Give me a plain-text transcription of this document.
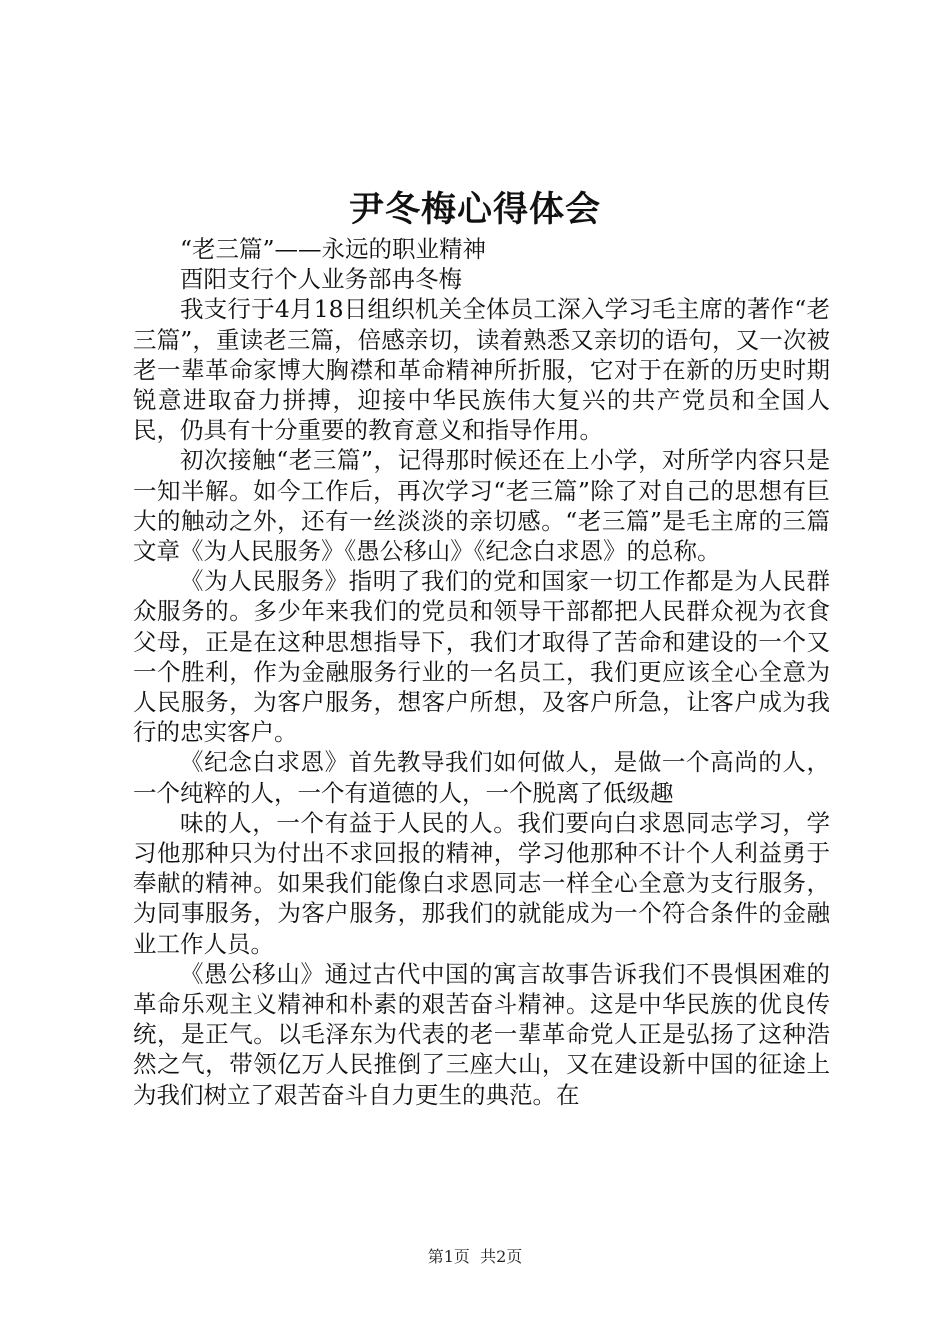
尹冬梅心得体会

“老三篇”——永远的职业精神

酉阳支行个人业务部冉冬梅

我支行于4月18日组织机关全体员工深入学习毛主席的著作“老三篇”，重读老三篇，倍感亲切，读着熟悉又亲切的语句，又一次被老一辈革命家博大胸襟和革命精神所折服，它对于在新的历史时期锐意进取奋力拼搏，迎接中华民族伟大复兴的共产党员和全国人民，仍具有十分重要的教育意义和指导作用。

初次接触“老三篇”，记得那时候还在上小学，对所学内容只是一知半解。如今工作后，再次学习“老三篇”除了对自己的思想有巨大的触动之外，还有一丝淡淡的亲切感。“老三篇”是毛主席的三篇文章《为人民服务》《愚公移山》《纪念白求恩》的总称。

《为人民服务》指明了我们的党和国家一切工作都是为人民群众服务的。多少年来我们的党员和领导干部都把人民群众视为衣食父母，正是在这种思想指导下，我们才取得了苦命和建设的一个又一个胜利，作为金融服务行业的一名员工，我们更应该全心全意为人民服务，为客户服务，想客户所想，及客户所急，让客户成为我行的忠实客户。

《纪念白求恩》首先教导我们如何做人，是做一个高尚的人，一个纯粹的人，一个有道德的人，一个脱离了低级趣

味的人，一个有益于人民的人。我们要向白求恩同志学习，学习他那种只为付出不求回报的精神，学习他那种不计个人利益勇于奉献的精神。如果我们能像白求恩同志一样全心全意为支行服务，为同事服务，为客户服务，那我们的就能成为一个符合条件的金融业工作人员。

《愚公移山》通过古代中国的寓言故事告诉我们不畏惧困难的革命乐观主义精神和朴素的艰苦奋斗精神。这是中华民族的优良传统，是正气。以毛泽东为代表的老一辈革命党人正是弘扬了这种浩然之气，带领亿万人民推倒了三座大山，又在建设新中国的征途上为我们树立了艰苦奋斗自力更生的典范。在

第1页 共2页
